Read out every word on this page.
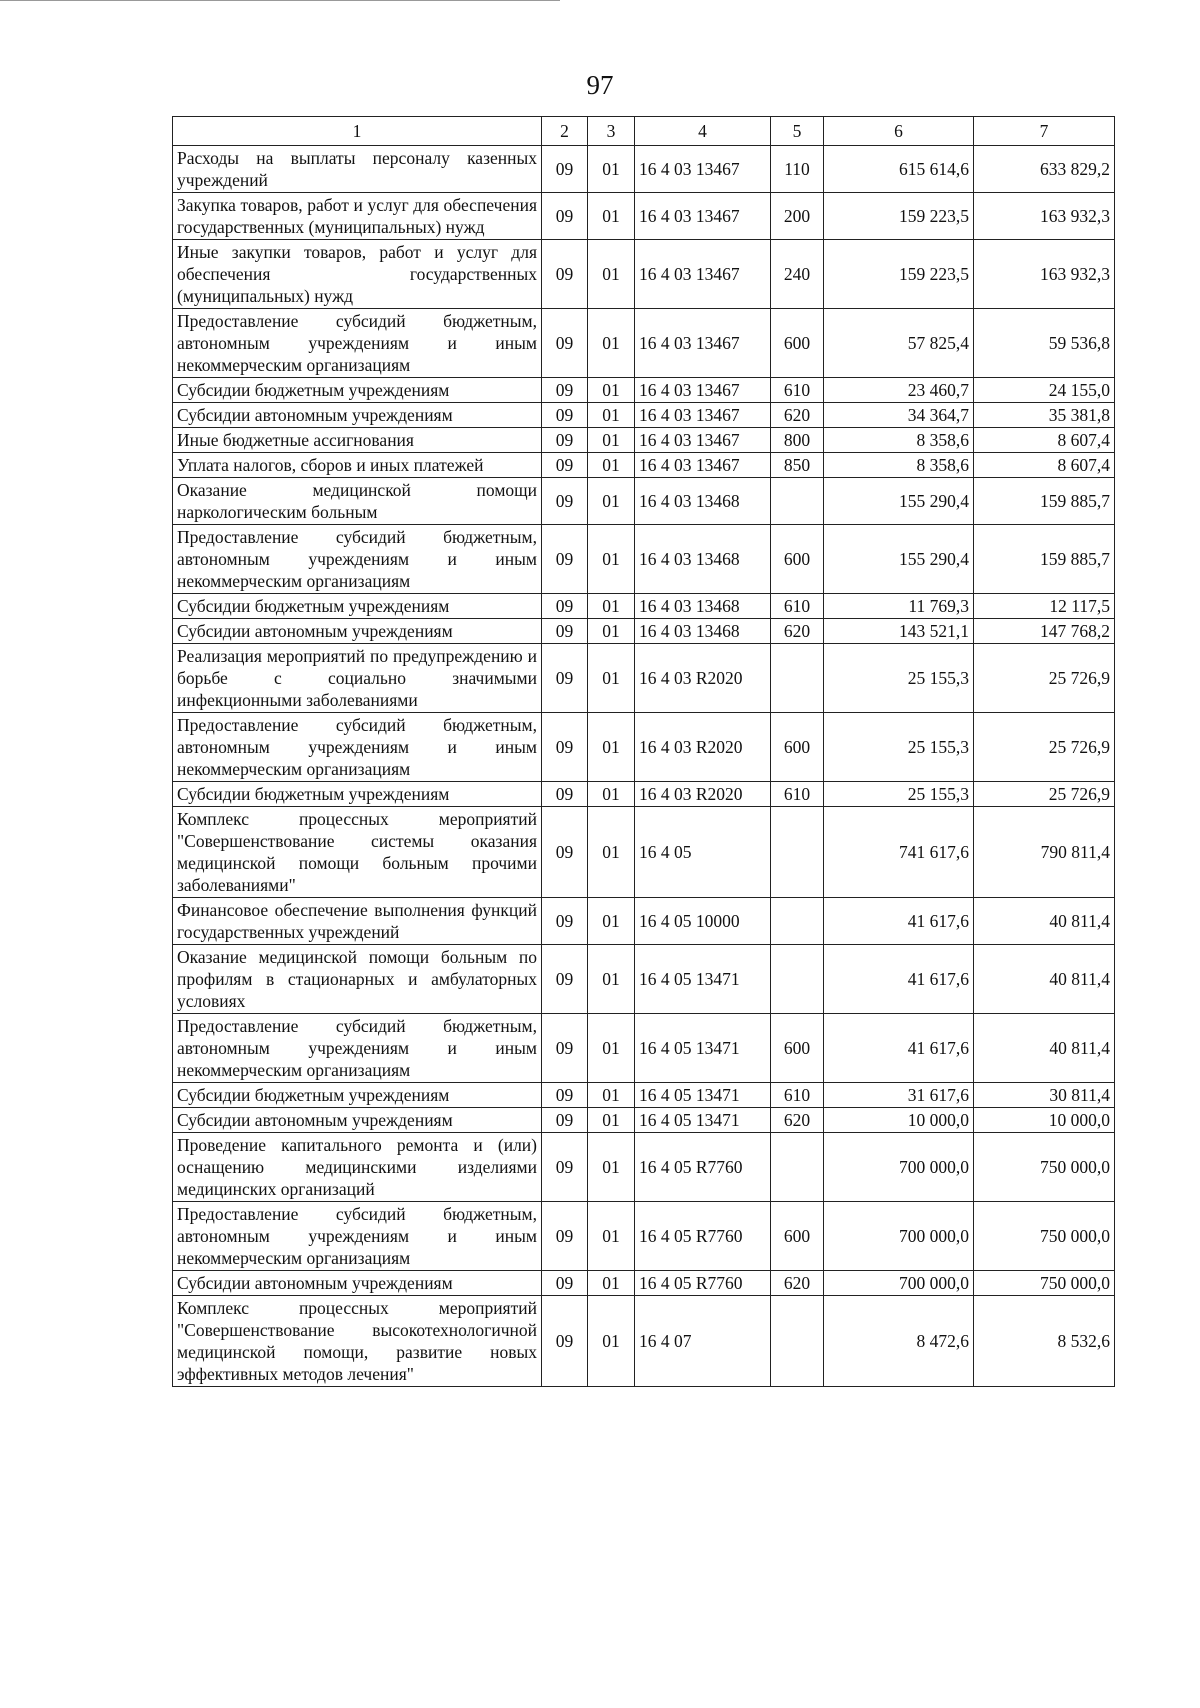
97
1	2	3	4	5	6	7
Расходы на выплаты персоналу казенных учреждений	09	01	16 4 03 13467	110	615 614,6	633 829,2
Закупка товаров, работ и услуг для обеспечения государственных (муниципальных) нужд	09	01	16 4 03 13467	200	159 223,5	163 932,3
Иные закупки товаров, работ и услуг для обеспечения государственных (муниципальных) нужд	09	01	16 4 03 13467	240	159 223,5	163 932,3
Предоставление субсидий бюджетным, автономным учреждениям и иным некоммерческим организациям	09	01	16 4 03 13467	600	57 825,4	59 536,8
Субсидии бюджетным учреждениям	09	01	16 4 03 13467	610	23 460,7	24 155,0
Субсидии автономным учреждениям	09	01	16 4 03 13467	620	34 364,7	35 381,8
Иные бюджетные ассигнования	09	01	16 4 03 13467	800	8 358,6	8 607,4
Уплата налогов, сборов и иных платежей	09	01	16 4 03 13467	850	8 358,6	8 607,4
Оказание медицинской помощи наркологическим больным	09	01	16 4 03 13468		155 290,4	159 885,7
Предоставление субсидий бюджетным, автономным учреждениям и иным некоммерческим организациям	09	01	16 4 03 13468	600	155 290,4	159 885,7
Субсидии бюджетным учреждениям	09	01	16 4 03 13468	610	11 769,3	12 117,5
Субсидии автономным учреждениям	09	01	16 4 03 13468	620	143 521,1	147 768,2
Реализация мероприятий по предупреждению и борьбе с социально значимыми инфекционными заболеваниями	09	01	16 4 03 R2020		25 155,3	25 726,9
Предоставление субсидий бюджетным, автономным учреждениям и иным некоммерческим организациям	09	01	16 4 03 R2020	600	25 155,3	25 726,9
Субсидии бюджетным учреждениям	09	01	16 4 03 R2020	610	25 155,3	25 726,9
Комплекс процессных мероприятий "Совершенствование системы оказания медицинской помощи больным прочими заболеваниями"	09	01	16 4 05		741 617,6	790 811,4
Финансовое обеспечение выполнения функций государственных учреждений	09	01	16 4 05 10000		41 617,6	40 811,4
Оказание медицинской помощи больным по профилям в стационарных и амбулаторных условиях	09	01	16 4 05 13471		41 617,6	40 811,4
Предоставление субсидий бюджетным, автономным учреждениям и иным некоммерческим организациям	09	01	16 4 05 13471	600	41 617,6	40 811,4
Субсидии бюджетным учреждениям	09	01	16 4 05 13471	610	31 617,6	30 811,4
Субсидии автономным учреждениям	09	01	16 4 05 13471	620	10 000,0	10 000,0
Проведение капитального ремонта и (или) оснащению медицинскими изделиями медицинских организаций	09	01	16 4 05 R7760		700 000,0	750 000,0
Предоставление субсидий бюджетным, автономным учреждениям и иным некоммерческим организациям	09	01	16 4 05 R7760	600	700 000,0	750 000,0
Субсидии автономным учреждениям	09	01	16 4 05 R7760	620	700 000,0	750 000,0
Комплекс процессных мероприятий "Совершенствование высокотехнологичной медицинской помощи, развитие новых эффективных методов лечения"	09	01	16 4 07		8 472,6	8 532,6
